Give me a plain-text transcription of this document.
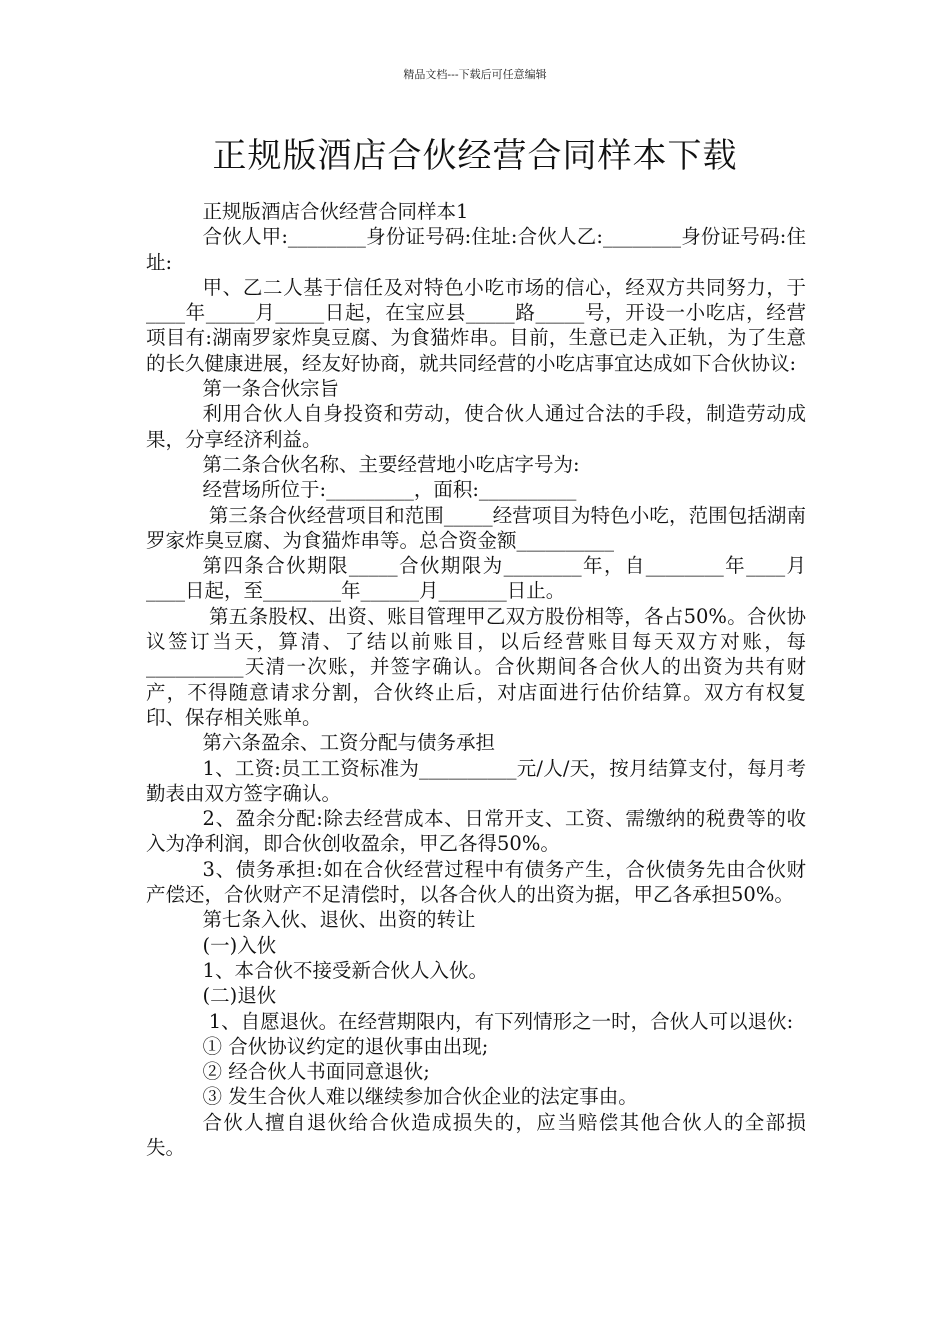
精品文档---下载后可任意编辑
正规版酒店合伙经营合同样本下载

正规版酒店合伙经营合同样本1

合伙人甲:________身份证号码:住址:合伙人乙:________身份证号码:住址:

甲、乙二人基于信任及对特色小吃市场的信心，经双方共同努力，于____年_____月_____日起，在宝应县_____路_____号，开设一小吃店，经营项目有:湖南罗家炸臭豆腐、为食猫炸串。目前，生意已走入正轨，为了生意的长久健康进展，经友好协商，就共同经营的小吃店事宜达成如下合伙协议:

第一条合伙宗旨

利用合伙人自身投资和劳动，使合伙人通过合法的手段，制造劳动成果，分享经济利益。

第二条合伙名称、主要经营地小吃店字号为:

经营场所位于:_________，面积:__________

第三条合伙经营项目和范围_____经营项目为特色小吃，范围包括湖南罗家炸臭豆腐、为食猫炸串等。总合资金额__________

第四条合伙期限_____合伙期限为________年，自________年____月____日起，至________年______月_______日止。

第五条股权、出资、账目管理甲乙双方股份相等，各占50%。合伙协议签订当天，算清、了结以前账目，以后经营账目每天双方对账，每__________天清一次账，并签字确认。合伙期间各合伙人的出资为共有财产，不得随意请求分割，合伙终止后，对店面进行估价结算。双方有权复印、保存相关账单。

第六条盈余、工资分配与债务承担

1、工资:员工工资标准为__________元/人/天，按月结算支付，每月考勤表由双方签字确认。

2、盈余分配:除去经营成本、日常开支、工资、需缴纳的税费等的收入为净利润，即合伙创收盈余，甲乙各得50%。

3、债务承担:如在合伙经营过程中有债务产生，合伙债务先由合伙财产偿还，合伙财产不足清偿时，以各合伙人的出资为据，甲乙各承担50%。

第七条入伙、退伙、出资的转让

(一)入伙

1、本合伙不接受新合伙人入伙。

(二)退伙

1、自愿退伙。在经营期限内，有下列情形之一时，合伙人可以退伙:

① 合伙协议约定的退伙事由出现;

② 经合伙人书面同意退伙;

③ 发生合伙人难以继续参加合伙企业的法定事由。

合伙人擅自退伙给合伙造成损失的，应当赔偿其他合伙人的全部损失。
